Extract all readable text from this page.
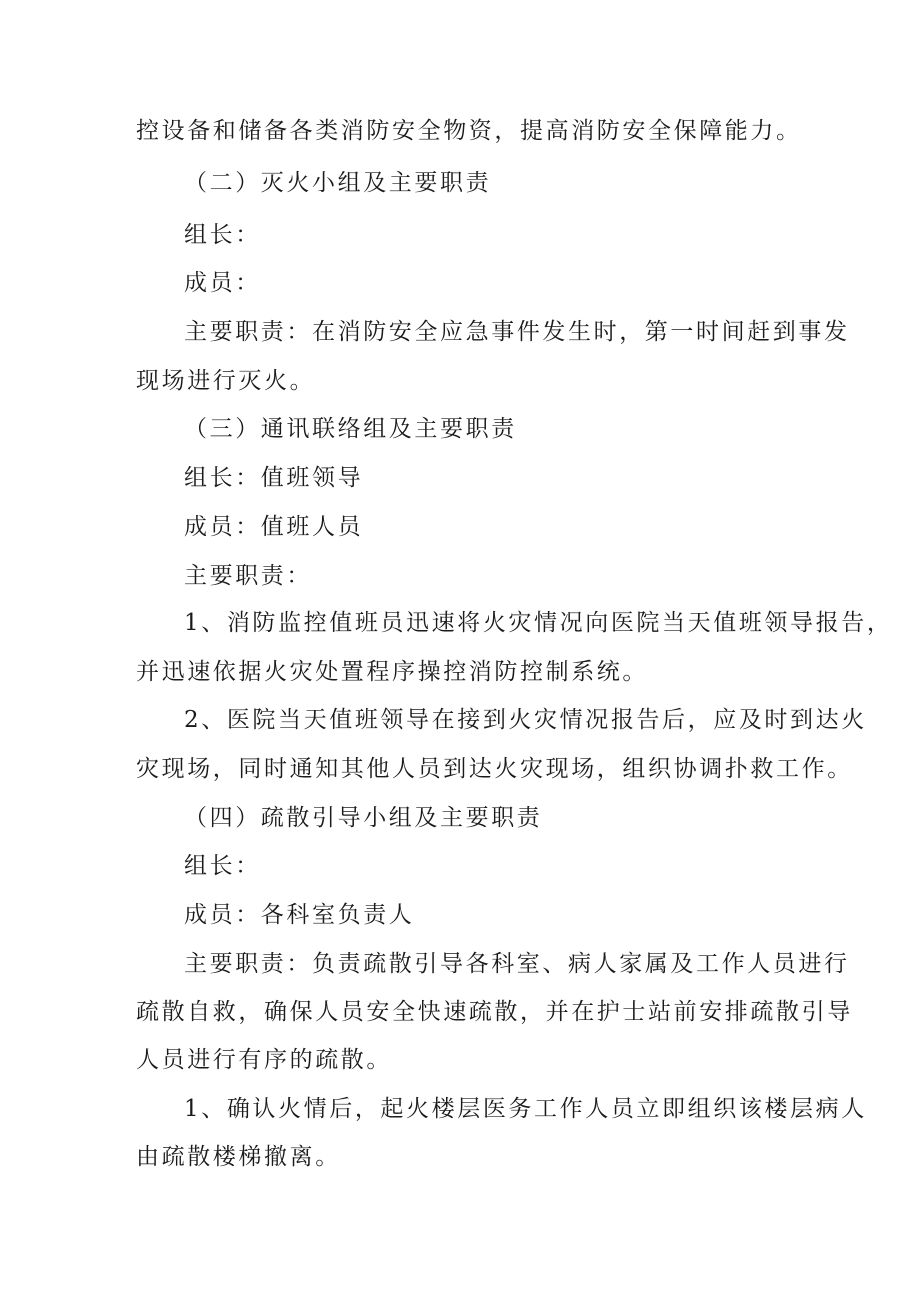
控设备和储备各类消防安全物资，提高消防安全保障能力。
（二）灭火小组及主要职责
组长：
成员：
主要职责：在消防安全应急事件发生时，第一时间赶到事发
现场进行灭火。
（三）通讯联络组及主要职责
组长：值班领导
成员：值班人员
主要职责：
1、消防监控值班员迅速将火灾情况向医院当天值班领导报告，
并迅速依据火灾处置程序操控消防控制系统。
2、医院当天值班领导在接到火灾情况报告后，应及时到达火
灾现场，同时通知其他人员到达火灾现场，组织协调扑救工作。
（四）疏散引导小组及主要职责
组长：
成员：各科室负责人
主要职责：负责疏散引导各科室、病人家属及工作人员进行
疏散自救，确保人员安全快速疏散，并在护士站前安排疏散引导
人员进行有序的疏散。
1、确认火情后，起火楼层医务工作人员立即组织该楼层病人
由疏散楼梯撤离。
